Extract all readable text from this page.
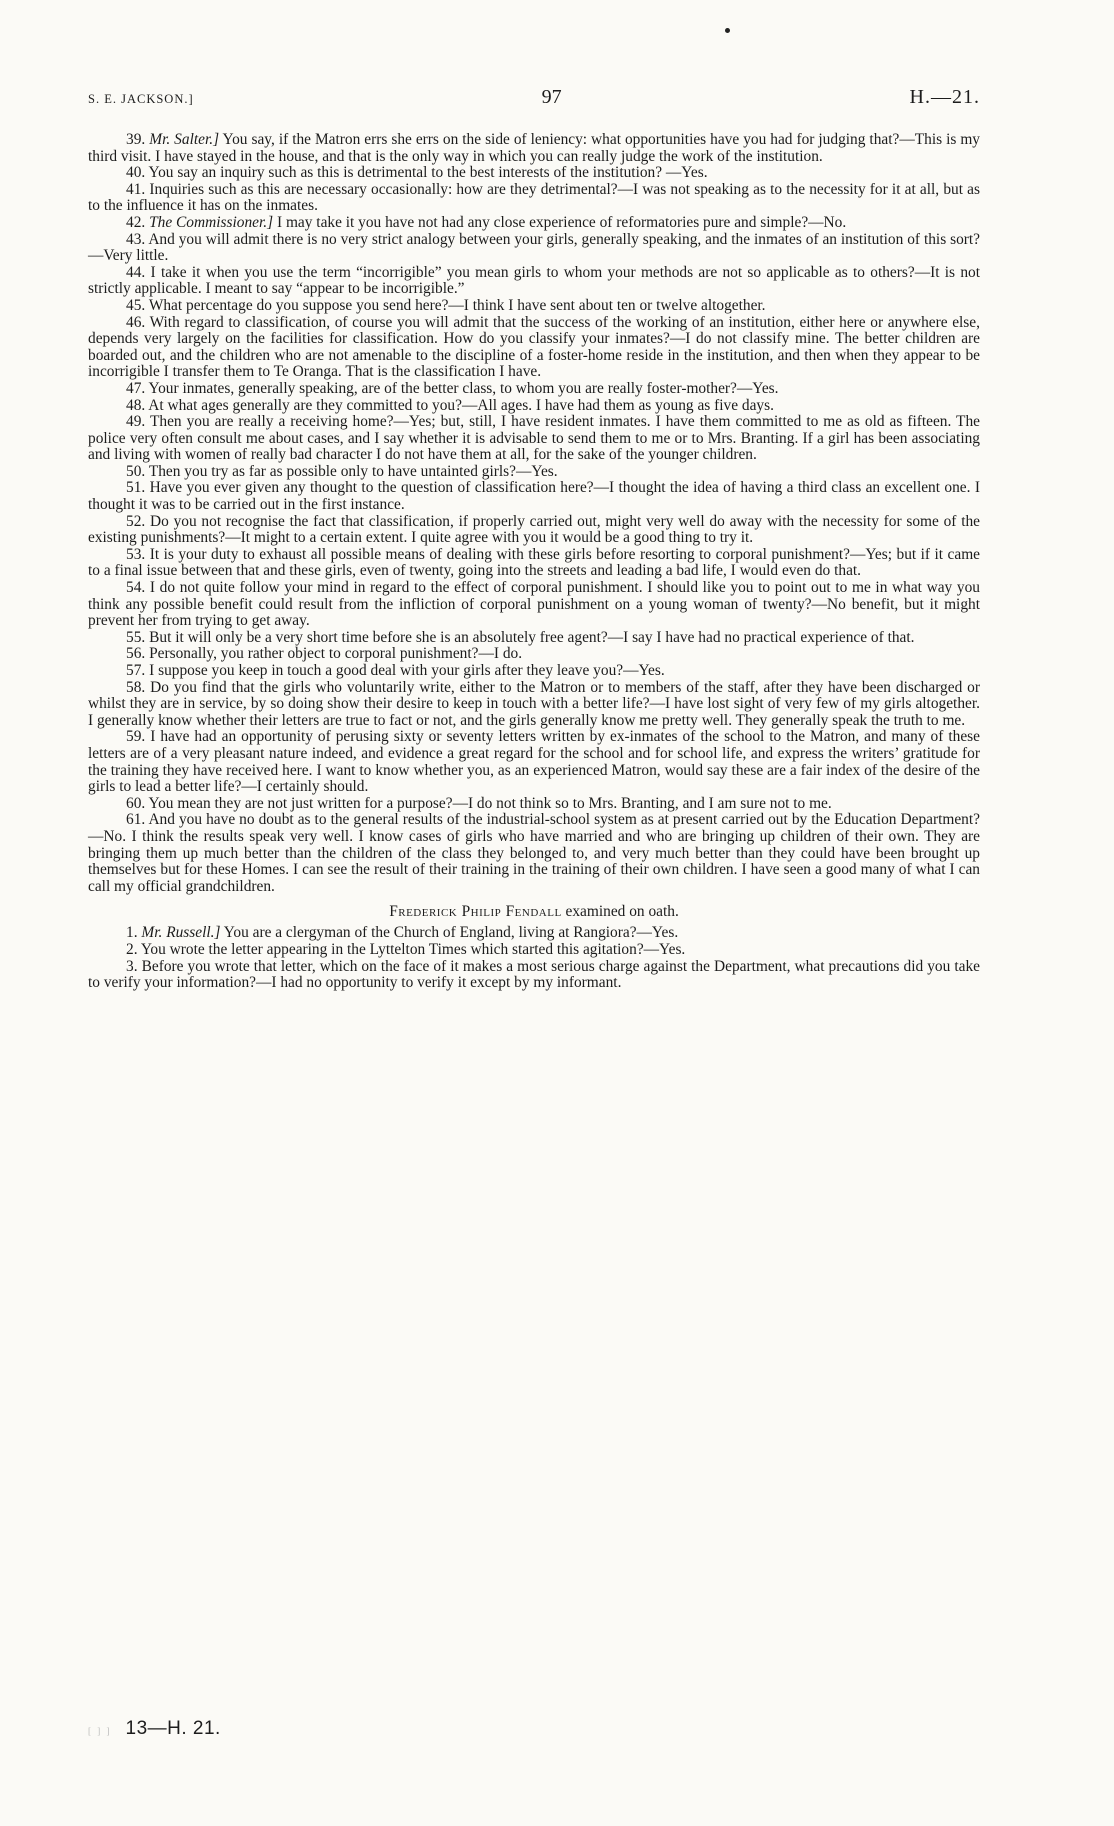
S. E. JACKSON.]	97	H.—21.

39. Mr. Salter.] You say, if the Matron errs she errs on the side of leniency: what opportunities have you had for judging that?—This is my third visit. I have stayed in the house, and that is the only way in which you can really judge the work of the institution.

40. You say an inquiry such as this is detrimental to the best interests of the institution? —Yes.

41. Inquiries such as this are necessary occasionally: how are they detrimental?—I was not speaking as to the necessity for it at all, but as to the influence it has on the inmates.

42. The Commissioner.] I may take it you have not had any close experience of reformatories pure and simple?—No.

43. And you will admit there is no very strict analogy between your girls, generally speaking, and the inmates of an institution of this sort?—Very little.

44. I take it when you use the term “incorrigible” you mean girls to whom your methods are not so applicable as to others?—It is not strictly applicable. I meant to say “appear to be incorrigible.”

45. What percentage do you suppose you send here?—I think I have sent about ten or twelve altogether.

46. With regard to classification, of course you will admit that the success of the working of an institution, either here or anywhere else, depends very largely on the facilities for classification. How do you classify your inmates?—I do not classify mine. The better children are boarded out, and the children who are not amenable to the discipline of a foster-home reside in the institution, and then when they appear to be incorrigible I transfer them to Te Oranga. That is the classification I have.

47. Your inmates, generally speaking, are of the better class, to whom you are really foster-mother?—Yes.

48. At what ages generally are they committed to you?—All ages. I have had them as young as five days.

49. Then you are really a receiving home?—Yes; but, still, I have resident inmates. I have them committed to me as old as fifteen. The police very often consult me about cases, and I say whether it is advisable to send them to me or to Mrs. Branting. If a girl has been associating and living with women of really bad character I do not have them at all, for the sake of the younger children.

50. Then you try as far as possible only to have untainted girls?—Yes.

51. Have you ever given any thought to the question of classification here?—I thought the idea of having a third class an excellent one. I thought it was to be carried out in the first instance.

52. Do you not recognise the fact that classification, if properly carried out, might very well do away with the necessity for some of the existing punishments?—It might to a certain extent. I quite agree with you it would be a good thing to try it.

53. It is your duty to exhaust all possible means of dealing with these girls before resorting to corporal punishment?—Yes; but if it came to a final issue between that and these girls, even of twenty, going into the streets and leading a bad life, I would even do that.

54. I do not quite follow your mind in regard to the effect of corporal punishment. I should like you to point out to me in what way you think any possible benefit could result from the infliction of corporal punishment on a young woman of twenty?—No benefit, but it might prevent her from trying to get away.

55. But it will only be a very short time before she is an absolutely free agent?—I say I have had no practical experience of that.

56. Personally, you rather object to corporal punishment?—I do.

57. I suppose you keep in touch a good deal with your girls after they leave you?—Yes.

58. Do you find that the girls who voluntarily write, either to the Matron or to members of the staff, after they have been discharged or whilst they are in service, by so doing show their desire to keep in touch with a better life?—I have lost sight of very few of my girls altogether. I generally know whether their letters are true to fact or not, and the girls generally know me pretty well. They generally speak the truth to me.

59. I have had an opportunity of perusing sixty or seventy letters written by ex-inmates of the school to the Matron, and many of these letters are of a very pleasant nature indeed, and evidence a great regard for the school and for school life, and express the writers’ gratitude for the training they have received here. I want to know whether you, as an experienced Matron, would say these are a fair index of the desire of the girls to lead a better life?—I certainly should.

60. You mean they are not just written for a purpose?—I do not think so to Mrs. Branting, and I am sure not to me.

61. And you have no doubt as to the general results of the industrial-school system as at present carried out by the Education Department?—No. I think the results speak very well. I know cases of girls who have married and who are bringing up children of their own. They are bringing them up much better than the children of the class they belonged to, and very much better than they could have been brought up themselves but for these Homes. I can see the result of their training in the training of their own children. I have seen a good many of what I can call my official grandchildren.

Frederick Philip Fendall examined on oath.

1. Mr. Russell.] You are a clergyman of the Church of England, living at Rangiora?—Yes.

2. You wrote the letter appearing in the Lyttelton Times which started this agitation?—Yes.

3. Before you wrote that letter, which on the face of it makes a most serious charge against the Department, what precautions did you take to verify your information?—I had no opportunity to verify it except by my informant.

[ ] ] 13—H. 21.
